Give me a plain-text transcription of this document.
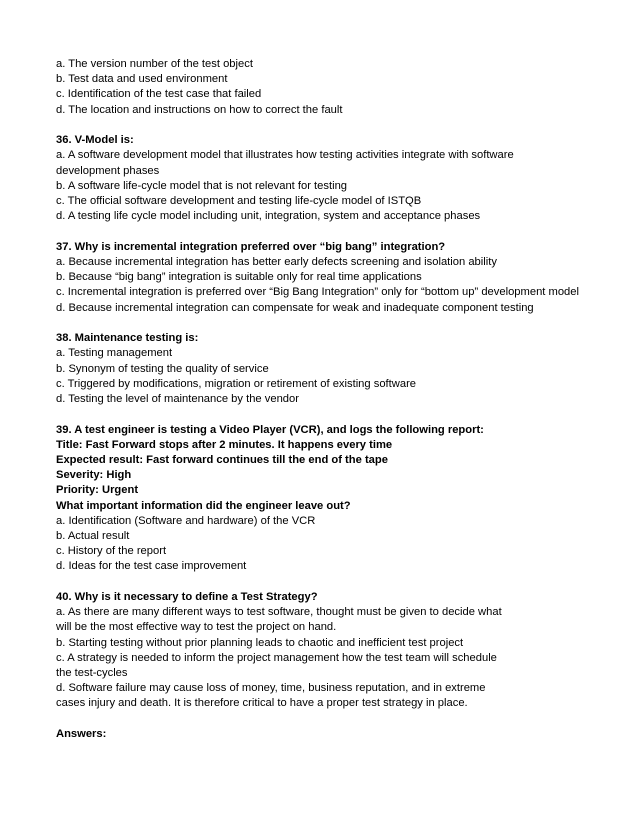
a. The version number of the test object

b. Test data and used environment

c. Identification of the test case that failed

d. The location and instructions on how to correct the fault

36. V-Model is:

a. A software development model that illustrates how testing activities integrate with software development phases

b. A software life-cycle model that is not relevant for testing

c. The official software development and testing life-cycle model of ISTQB

d. A testing life cycle model including unit, integration, system and acceptance phases

37. Why is incremental integration preferred over “big bang” integration?

a. Because incremental integration has better early defects screening and isolation ability

b. Because “big bang” integration is suitable only for real time applications

c. Incremental integration is preferred over “Big Bang Integration” only for “bottom up” development model

d. Because incremental integration can compensate for weak and inadequate component testing

38. Maintenance testing is:

a. Testing management

b. Synonym of testing the quality of service

c. Triggered by modifications, migration or retirement of existing software

d. Testing the level of maintenance by the vendor

39. A test engineer is testing a Video Player (VCR), and logs the following report:

Title: Fast Forward stops after 2 minutes. It happens every time

Expected result: Fast forward continues till the end of the tape

Severity: High

Priority: Urgent

What important information did the engineer leave out?

a. Identification (Software and hardware) of the VCR

b. Actual result

c. History of the report

d. Ideas for the test case improvement

40. Why is it necessary to define a Test Strategy?

a. As there are many different ways to test software, thought must be given to decide what

will be the most effective way to test the project on hand.

b. Starting testing without prior planning leads to chaotic and inefficient test project

c. A strategy is needed to inform the project management how the test team will schedule

the test-cycles

d. Software failure may cause loss of money, time, business reputation, and in extreme

cases injury and death. It is therefore critical to have a proper test strategy in place.

Answers:
